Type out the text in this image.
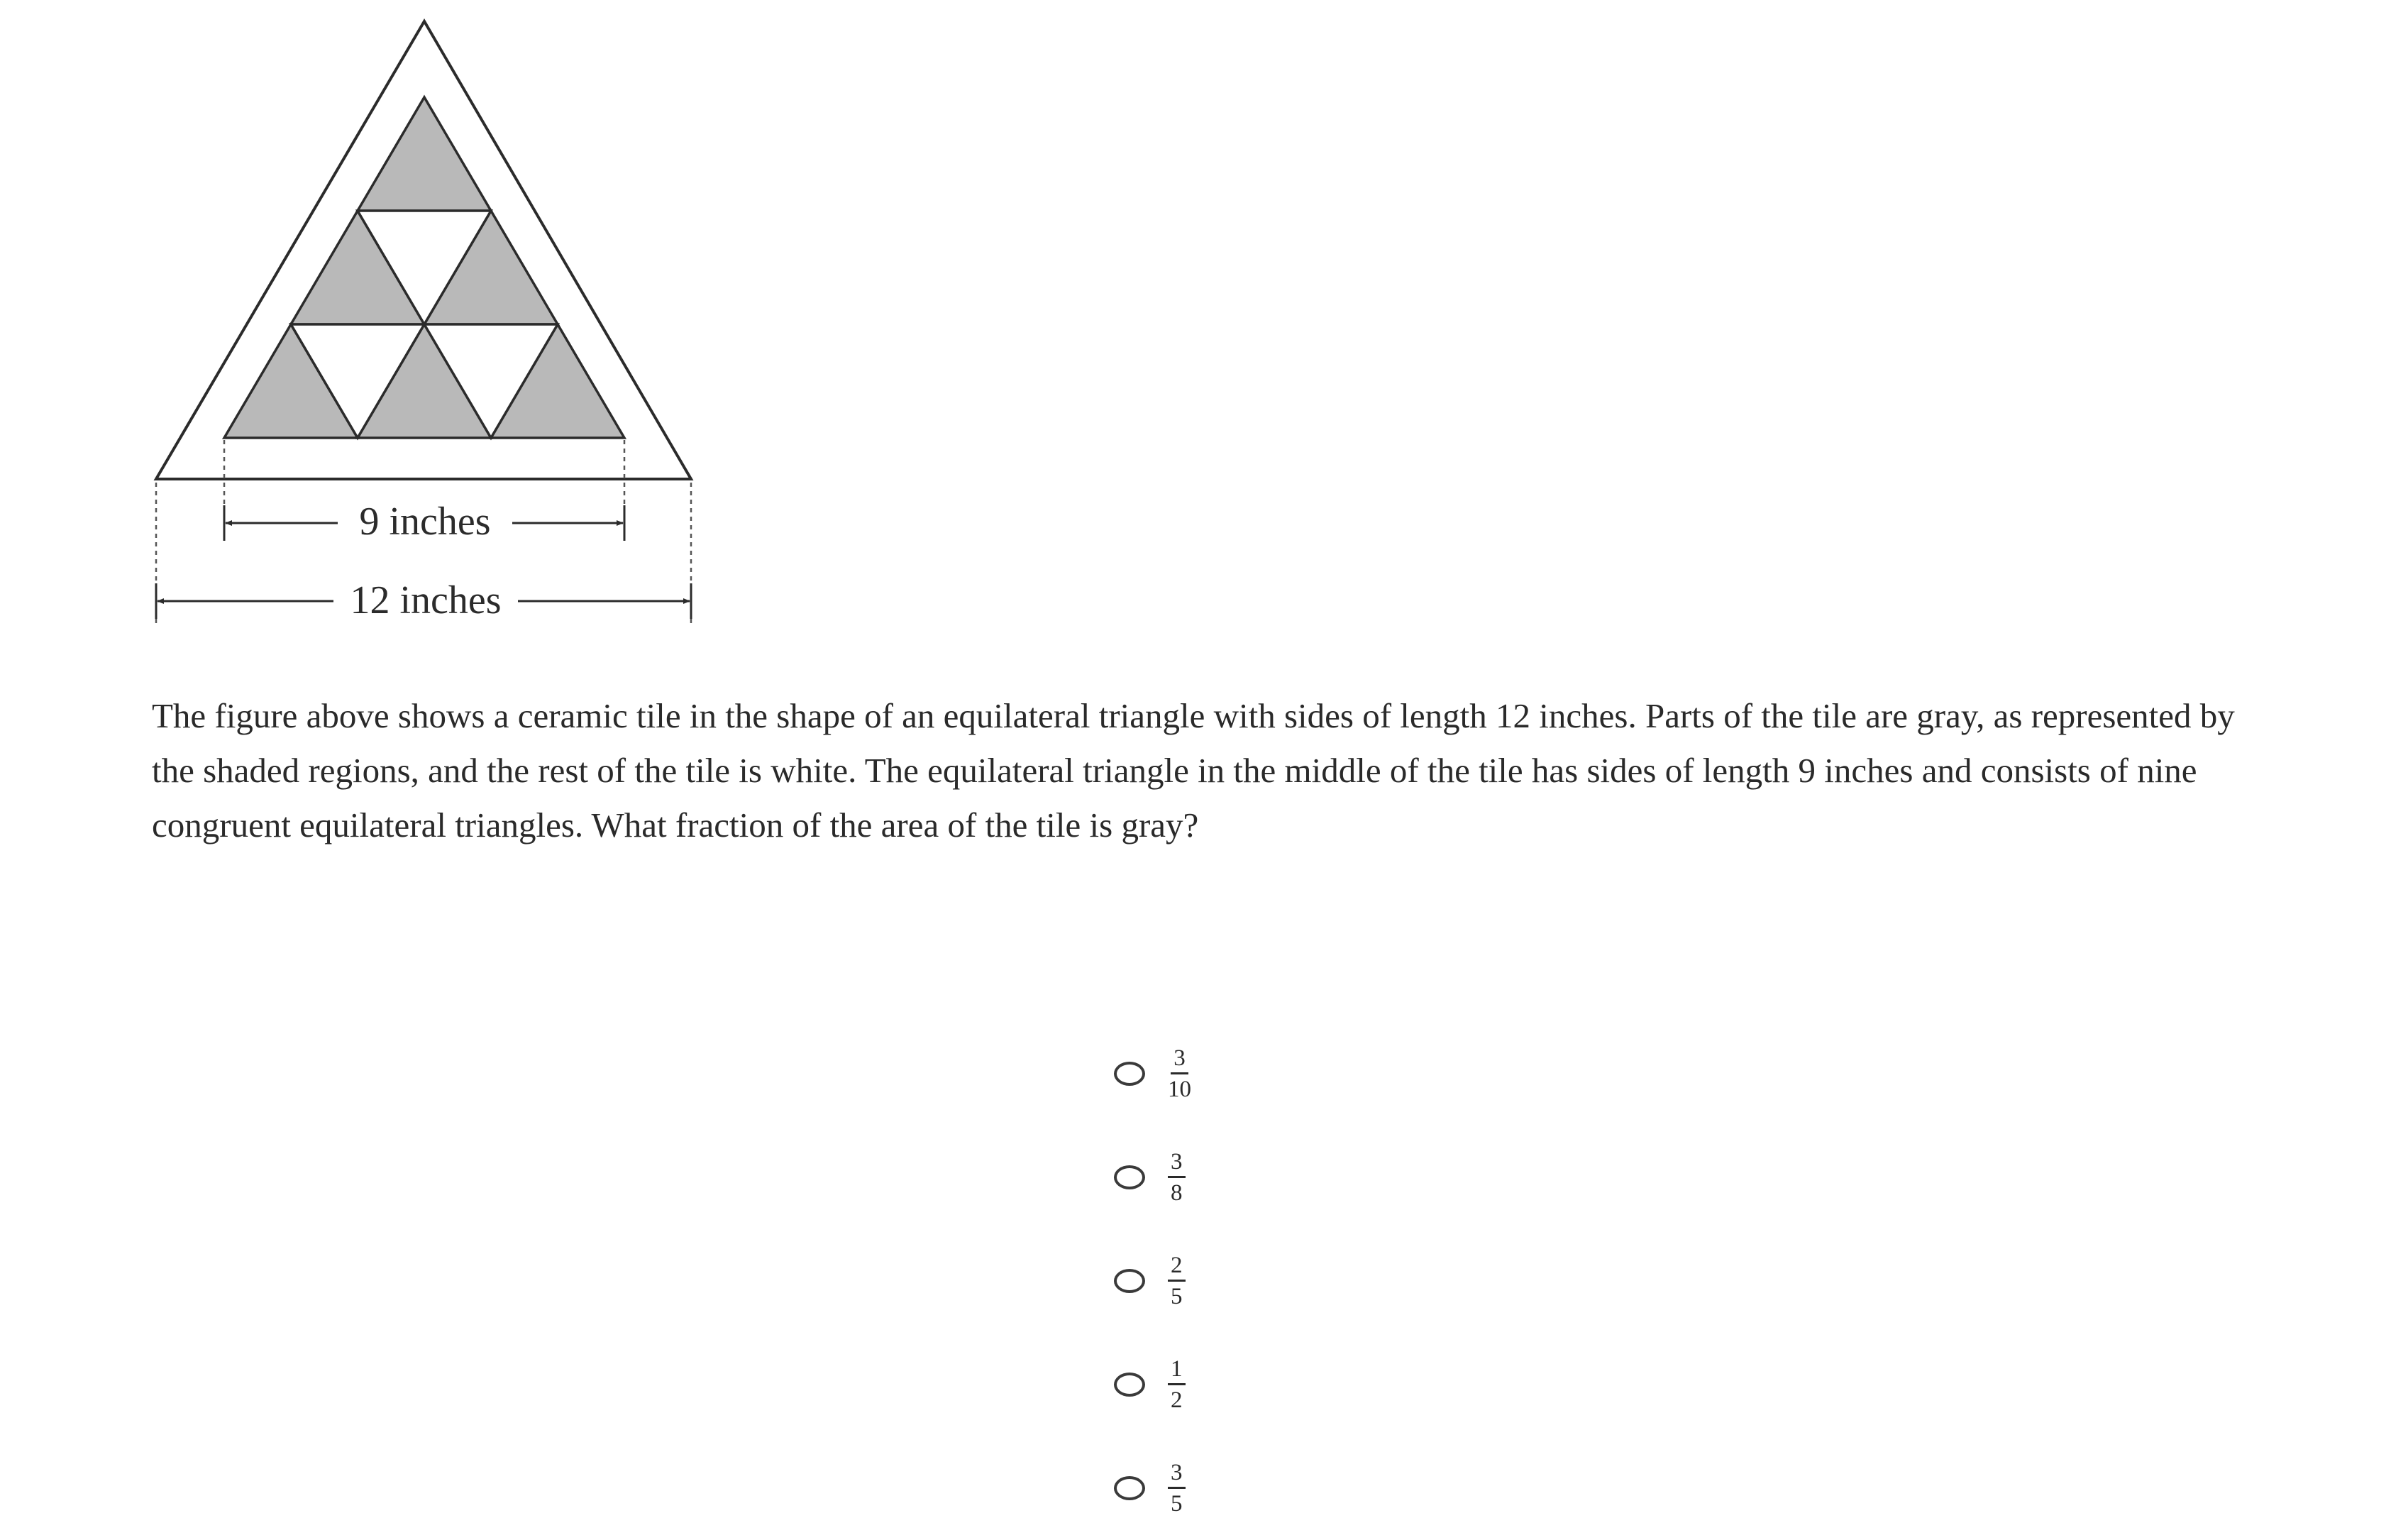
9 inches
12 inches

The figure above shows a ceramic tile in the shape of an equilateral triangle with sides of length 12 inches. Parts of the tile are gray, as represented by the shaded regions, and the rest of the tile is white. The equilateral triangle in the middle of the tile has sides of length 9 inches and consists of nine congruent equilateral triangles. What fraction of the area of the tile is gray?

$\frac{3}{10}$
$\frac{3}{8}$
$\frac{2}{5}$
$\frac{1}{2}$
$\frac{3}{5}$
